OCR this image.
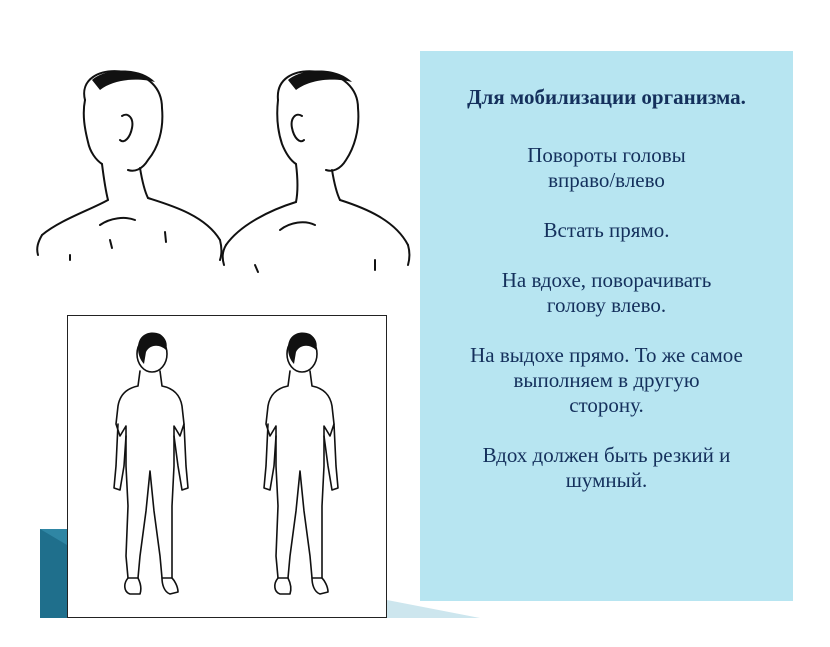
Для мобилизации организма.
Повороты головы
вправо/влево
Встать прямо.
На вдохе, поворачивать
голову влево.
На выдохе прямо. То же самое
выполняем в другую
сторону.
Вдох должен быть резкий и
шумный.
